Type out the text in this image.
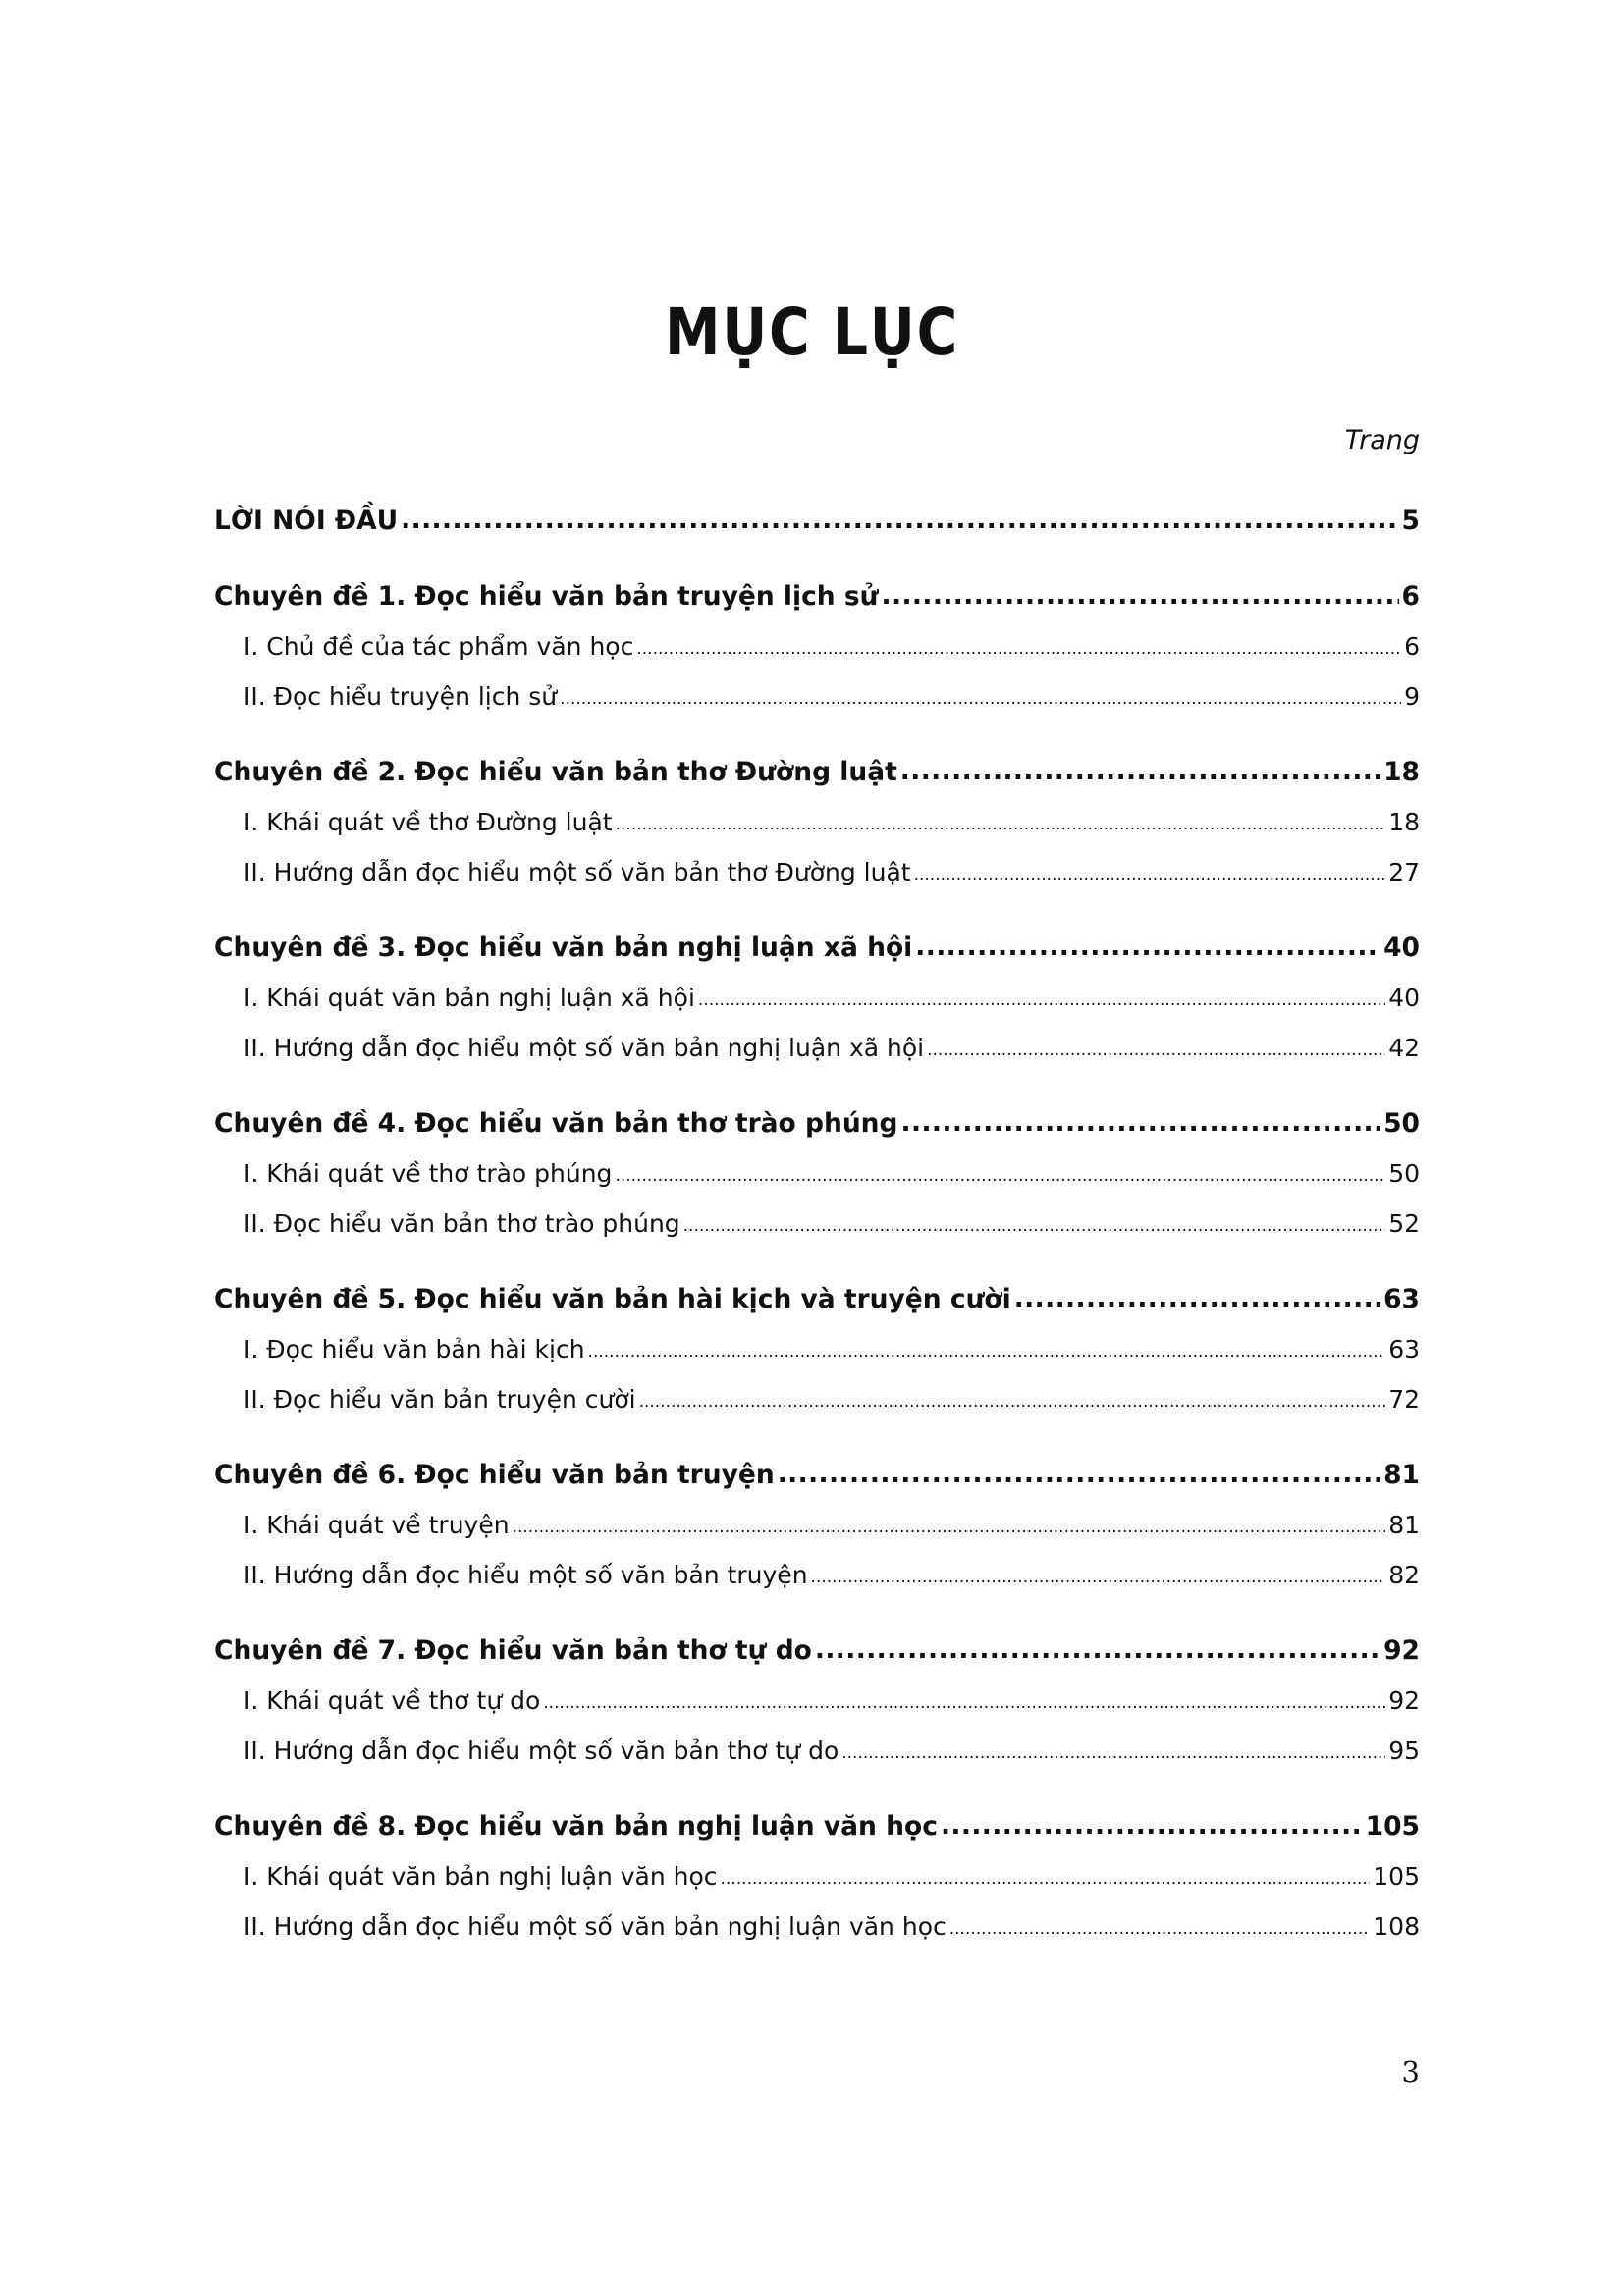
MỤC LỤC
Trang
LỜI NÓI ĐẦU .....	5
Chuyên đề 1. Đọc hiểu văn bản truyện lịch sử .....	6
I. Chủ đề của tác phẩm văn học .....	6
II. Đọc hiểu truyện lịch sử .....	9
Chuyên đề 2. Đọc hiểu văn bản thơ Đường luật .....	18
I. Khái quát về thơ Đường luật .....	18
II. Hướng dẫn đọc hiểu một số văn bản thơ Đường luật .....	27
Chuyên đề 3. Đọc hiểu văn bản nghị luận xã hội .....	40
I. Khái quát văn bản nghị luận xã hội .....	40
II. Hướng dẫn đọc hiểu một số văn bản nghị luận xã hội .....	42
Chuyên đề 4. Đọc hiểu văn bản thơ trào phúng .....	50
I. Khái quát về thơ trào phúng .....	50
II. Đọc hiểu văn bản thơ trào phúng .....	52
Chuyên đề 5. Đọc hiểu văn bản hài kịch và truyện cười .....	63
I. Đọc hiểu văn bản hài kịch .....	63
II. Đọc hiểu văn bản truyện cười .....	72
Chuyên đề 6. Đọc hiểu văn bản truyện .....	81
I. Khái quát về truyện .....	81
II. Hướng dẫn đọc hiểu một số văn bản truyện .....	82
Chuyên đề 7. Đọc hiểu văn bản thơ tự do .....	92
I. Khái quát về thơ tự do .....	92
II. Hướng dẫn đọc hiểu một số văn bản thơ tự do .....	95
Chuyên đề 8. Đọc hiểu văn bản nghị luận văn học .....	105
I. Khái quát văn bản nghị luận văn học .....	105
II. Hướng dẫn đọc hiểu một số văn bản nghị luận văn học .....	108
3
